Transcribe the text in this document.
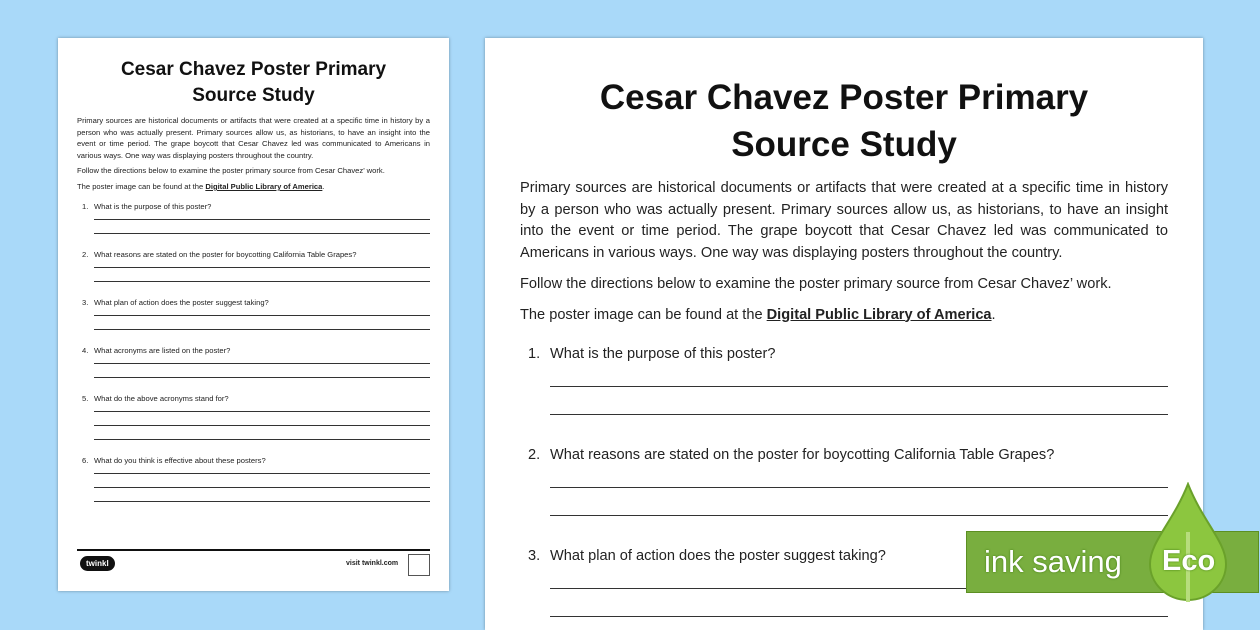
Cesar Chavez Poster Primary
Source Study
Primary sources are historical documents or artifacts that were created at a specific time in history by a person who was actually present. Primary sources allow us, as historians, to have an insight into the event or time period. The grape boycott that Cesar Chavez led was communicated to Americans in various ways. One way was displaying posters throughout the country.
Follow the directions below to examine the poster primary source from Cesar Chavez’ work.
The poster image can be found at the Digital Public Library of America.
1. What is the purpose of this poster?
2. What reasons are stated on the poster for boycotting California Table Grapes?
3. What plan of action does the poster suggest taking?
4. What acronyms are listed on the poster?
5. What do the above acronyms stand for?
6. What do you think is effective about these posters?
twinkl	visit twinkl.com
Cesar Chavez Poster Primary
Source Study
Primary sources are historical documents or artifacts that were created at a specific time in history by a person who was actually present. Primary sources allow us, as historians, to have an insight into the event or time period. The grape boycott that Cesar Chavez led was communicated to Americans in various ways. One way was displaying posters throughout the country.
Follow the directions below to examine the poster primary source from Cesar Chavez’ work.
The poster image can be found at the Digital Public Library of America.
1. What is the purpose of this poster?
2. What reasons are stated on the poster for boycotting California Table Grapes?
3. What plan of action does the poster suggest taking?	ink saving Eco
